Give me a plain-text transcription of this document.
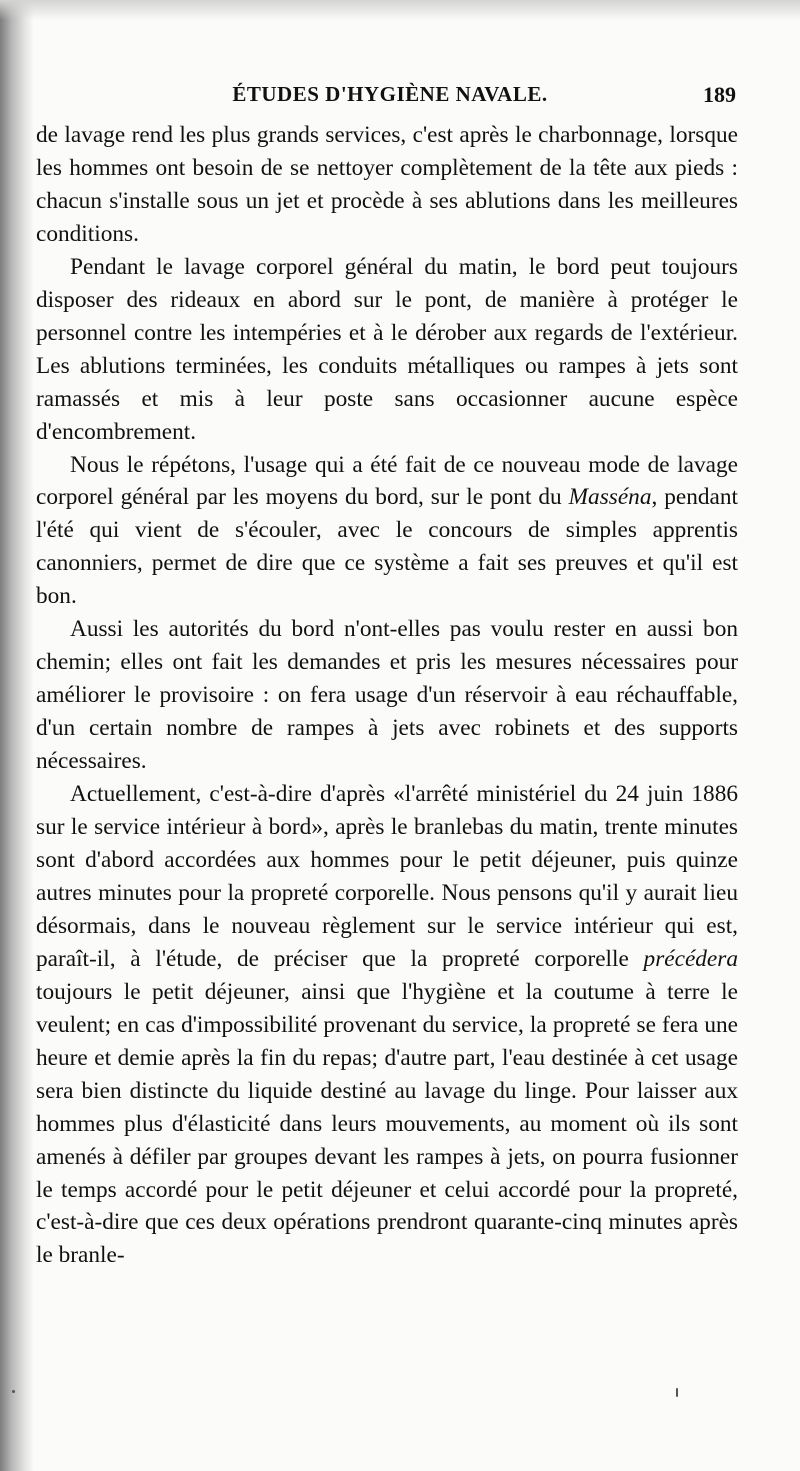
ÉTUDES D'HYGIÈNE NAVALE.	189

de lavage rend les plus grands services, c'est après le charbonnage, lorsque les hommes ont besoin de se nettoyer complètement de la tête aux pieds : chacun s'installe sous un jet et procède à ses ablutions dans les meilleures conditions.

Pendant le lavage corporel général du matin, le bord peut toujours disposer des rideaux en abord sur le pont, de manière à protéger le personnel contre les intempéries et à le dérober aux regards de l'extérieur. Les ablutions terminées, les conduits métalliques ou rampes à jets sont ramassés et mis à leur poste sans occasionner aucune espèce d'encombrement.

Nous le répétons, l'usage qui a été fait de ce nouveau mode de lavage corporel général par les moyens du bord, sur le pont du Masséna, pendant l'été qui vient de s'écouler, avec le concours de simples apprentis canonniers, permet de dire que ce système a fait ses preuves et qu'il est bon.

Aussi les autorités du bord n'ont-elles pas voulu rester en aussi bon chemin; elles ont fait les demandes et pris les mesures nécessaires pour améliorer le provisoire : on fera usage d'un réservoir à eau réchauffable, d'un certain nombre de rampes à jets avec robinets et des supports nécessaires.

Actuellement, c'est-à-dire d'après «l'arrêté ministériel du 24 juin 1886 sur le service intérieur à bord», après le branlebas du matin, trente minutes sont d'abord accordées aux hommes pour le petit déjeuner, puis quinze autres minutes pour la propreté corporelle. Nous pensons qu'il y aurait lieu désormais, dans le nouveau règlement sur le service intérieur qui est, paraît-il, à l'étude, de préciser que la propreté corporelle précédera toujours le petit déjeuner, ainsi que l'hygiène et la coutume à terre le veulent; en cas d'impossibilité provenant du service, la propreté se fera une heure et demie après la fin du repas; d'autre part, l'eau destinée à cet usage sera bien distincte du liquide destiné au lavage du linge. Pour laisser aux hommes plus d'élasticité dans leurs mouvements, au moment où ils sont amenés à défiler par groupes devant les rampes à jets, on pourra fusionner le temps accordé pour le petit déjeuner et celui accordé pour la propreté, c'est-à-dire que ces deux opérations prendront quarante-cinq minutes après le branle-
